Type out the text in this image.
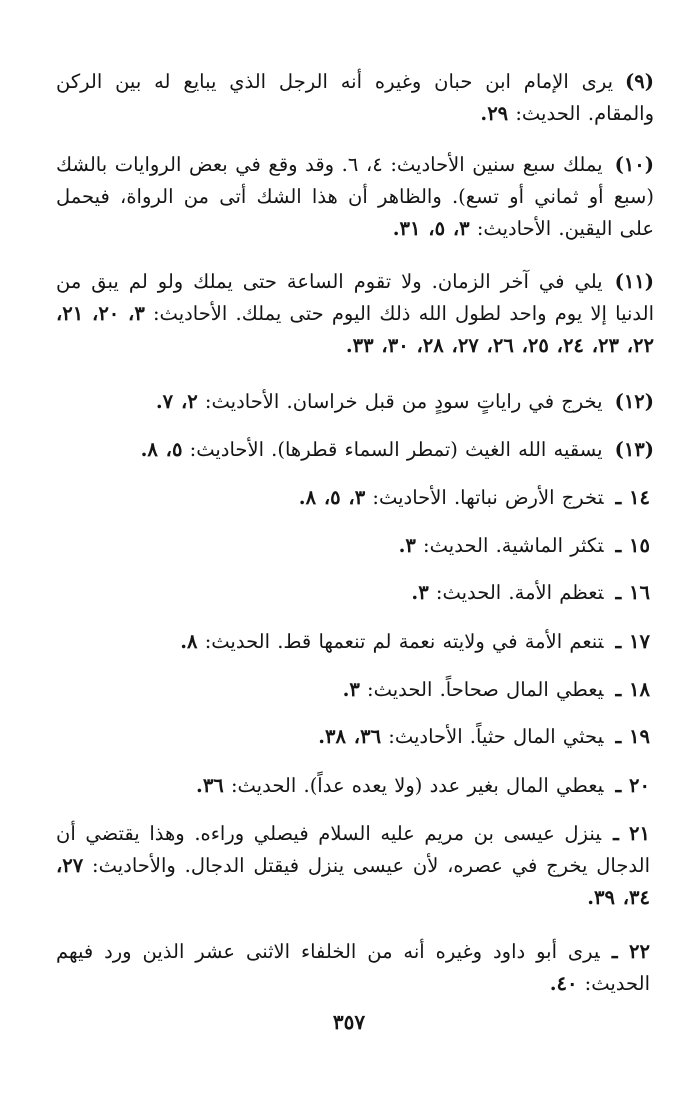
(٩)يرى الإمام ابن حبان وغيره أنه الرجل الذي يبايع له بين الركن والمقام. الحديث: ٢٩.
(١٠)يملك سبع سنين الأحاديث: ٤، ٦. وقد وقع في بعض الروايات بالشك (سبع أو ثماني أو تسع). والظاهر أن هذا الشك أتى من الرواة، فيحمل على اليقين. الأحاديث: ٣، ٥، ٣١.
(١١)يلي في آخر الزمان. ولا تقوم الساعة حتى يملك ولو لم يبق من الدنيا إلا يوم واحد لطول الله ذلك اليوم حتى يملك. الأحاديث: ٣، ٢٠، ٢١، ٢٢، ٢٣، ٢٤، ٢٥، ٢٦، ٢٧، ٢٨، ٣٠، ٣٣.
(١٢)يخرج في راياتٍ سودٍ من قبل خراسان. الأحاديث: ٢، ٧.
(١٣)يسقيه الله الغيث (تمطر السماء قطرها). الأحاديث: ٥، ٨.
١٤ ـتخرج الأرض نباتها. الأحاديث: ٣، ٥، ٨.
١٥ ـتكثر الماشية. الحديث: ٣.
١٦ ـتعظم الأمة. الحديث: ٣.
١٧ ـتنعم الأمة في ولايته نعمة لم تنعمها قط. الحديث: ٨.
١٨ ـيعطي المال صحاحاً. الحديث: ٣.
١٩ ـيحثي المال حثياً. الأحاديث: ٣٦، ٣٨.
٢٠ ـيعطي المال بغير عدد (ولا يعده عداً). الحديث: ٣٦.
٢١ ـينزل عيسى بن مريم عليه السلام فيصلي وراءه. وهذا يقتضي أن الدجال يخرج في عصره، لأن عيسى ينزل فيقتل الدجال. والأحاديث: ٢٧، ٣٤، ٣٩.
٢٢ ـيرى أبو داود وغيره أنه من الخلفاء الاثنى عشر الذين ورد فيهم الحديث: ٤٠.
٣٥٧
